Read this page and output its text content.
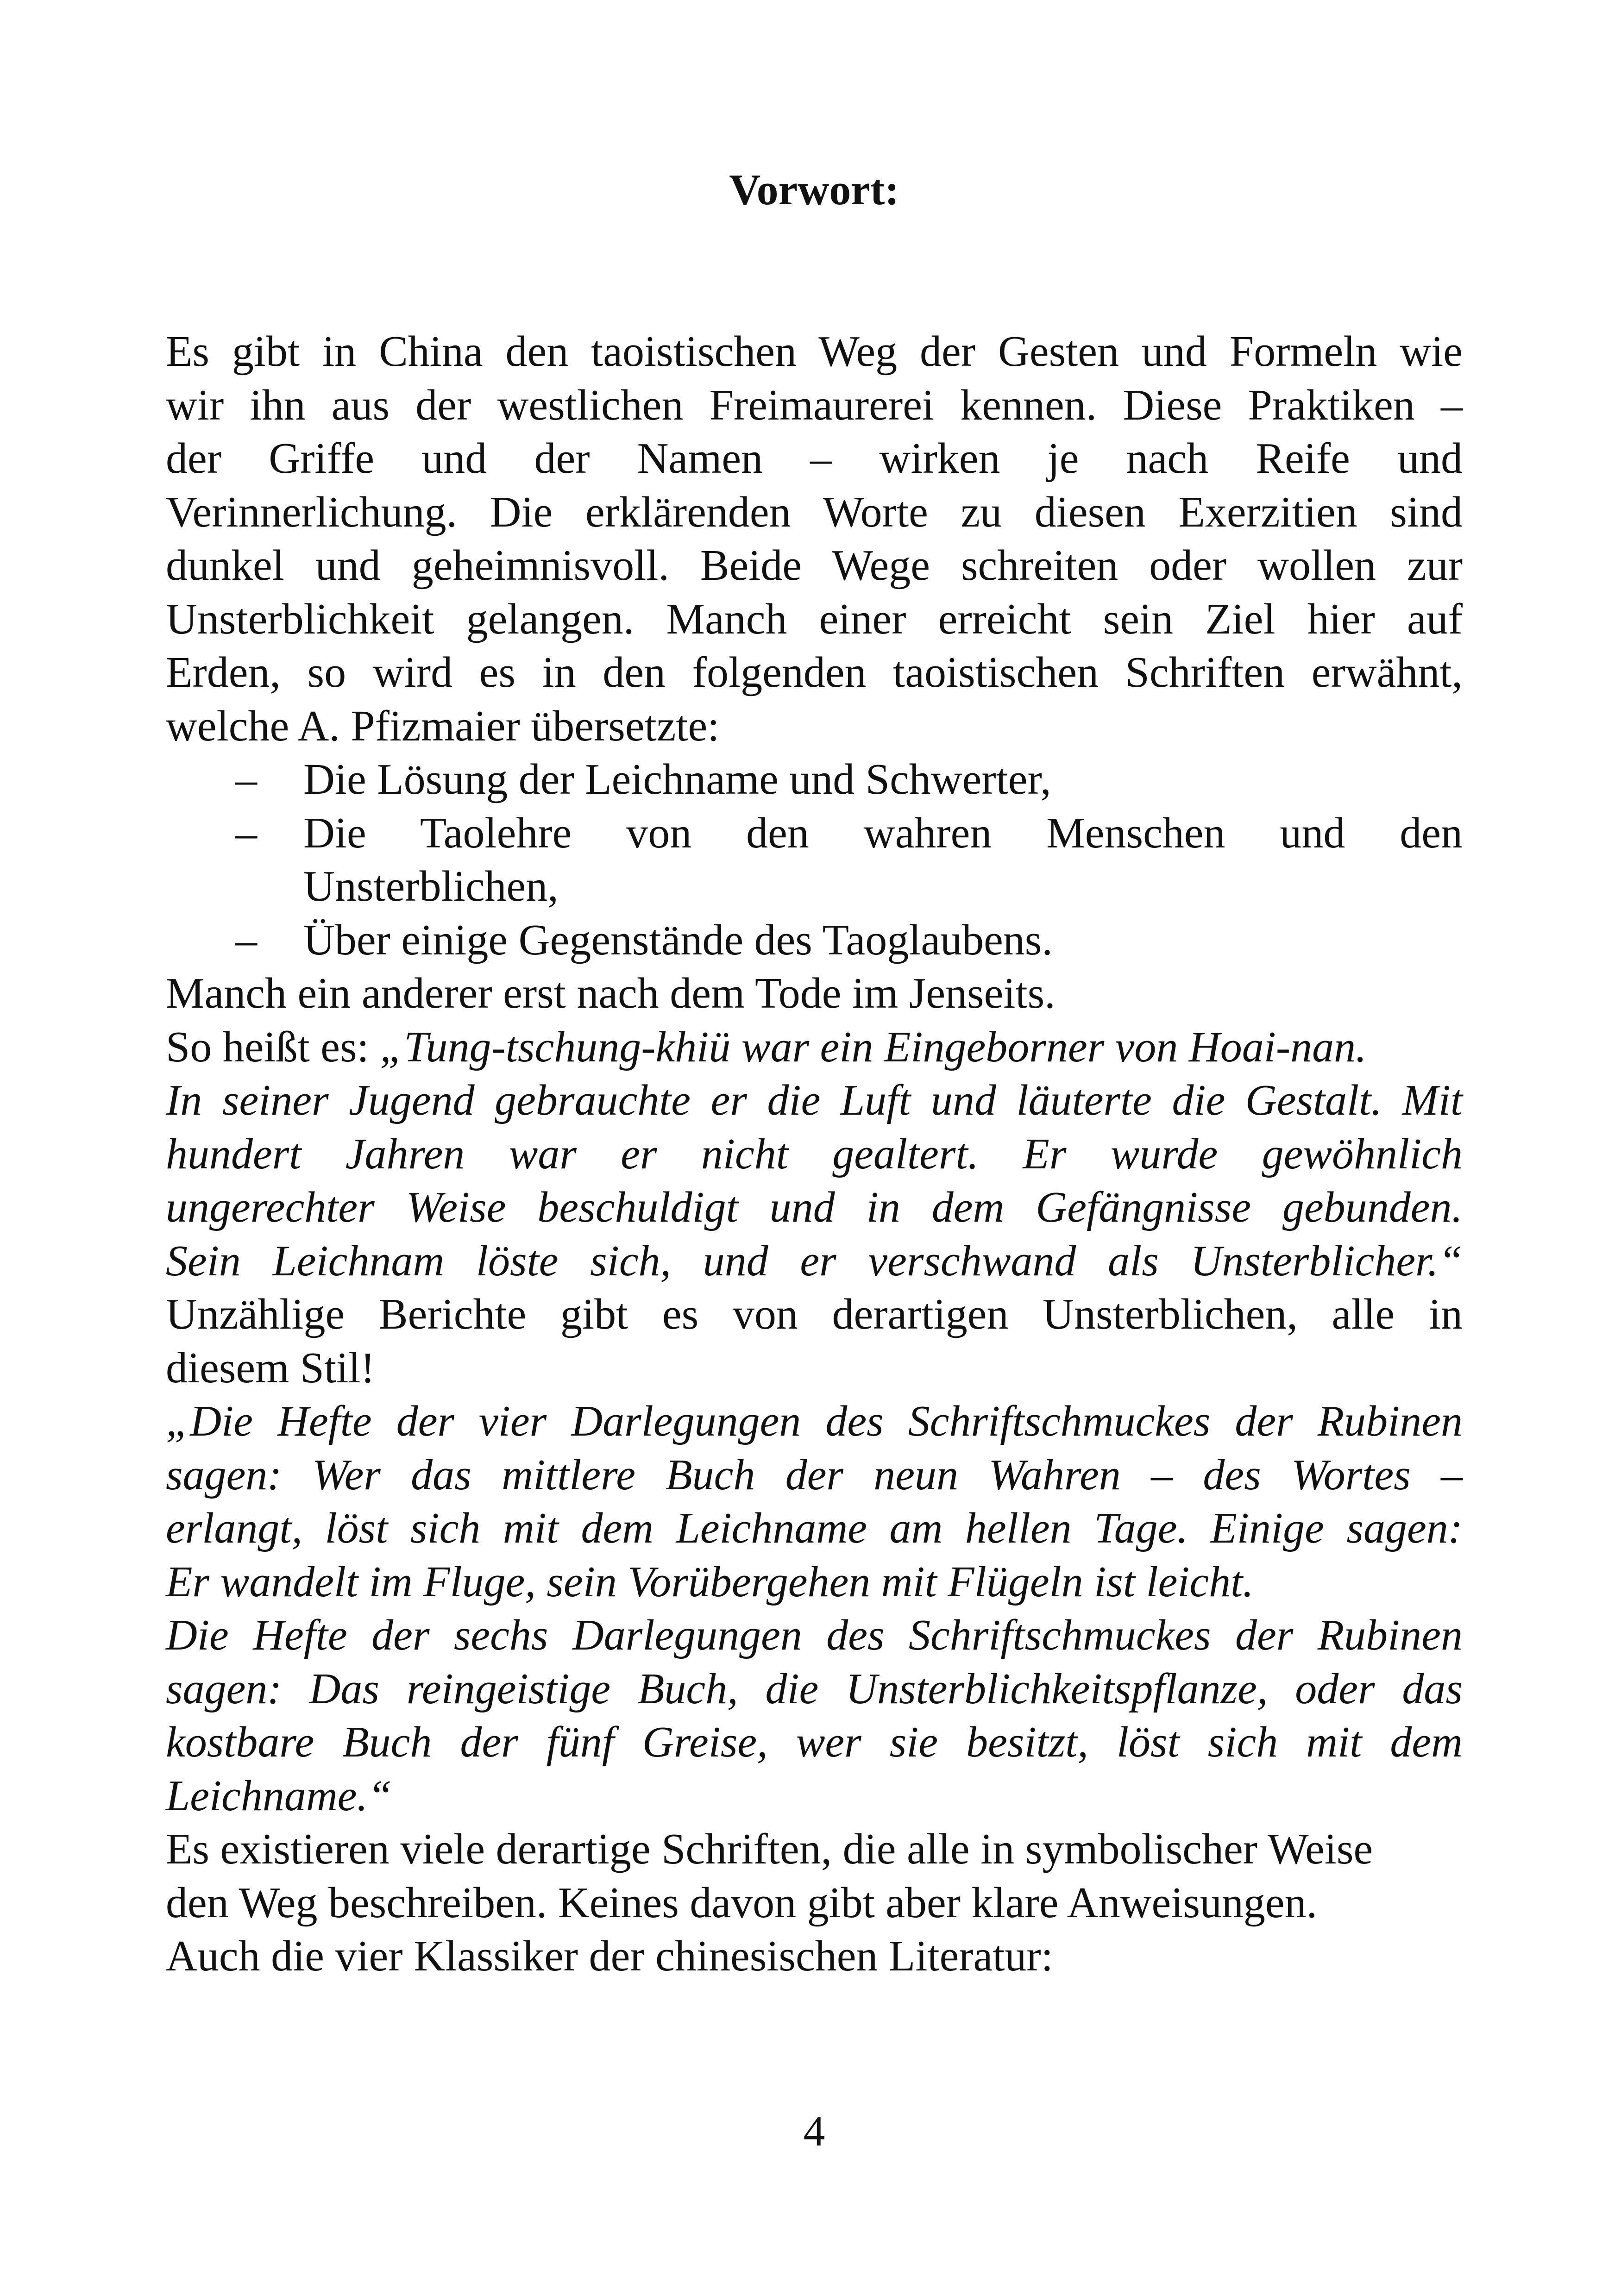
Vorwort:
Es gibt in China den taoistischen Weg der Gesten und Formeln wie
wir ihn aus der westlichen Freimaurerei kennen. Diese Praktiken –
der Griffe und der Namen – wirken je nach Reife und
Verinnerlichung. Die erklärenden Worte zu diesen Exerzitien sind
dunkel und geheimnisvoll. Beide Wege schreiten oder wollen zur
Unsterblichkeit gelangen. Manch einer erreicht sein Ziel hier auf
Erden, so wird es in den folgenden taoistischen Schriften erwähnt,
welche A. Pfizmaier übersetzte:
– Die Lösung der Leichname und Schwerter,
– Die Taolehre von den wahren Menschen und den
Unsterblichen,
– Über einige Gegenstände des Taoglaubens.
Manch ein anderer erst nach dem Tode im Jenseits.
So heißt es: „Tung-tschung-khiü war ein Eingeborner von Hoai-nan.
In seiner Jugend gebrauchte er die Luft und läuterte die Gestalt. Mit
hundert Jahren war er nicht gealtert. Er wurde gewöhnlich
ungerechter Weise beschuldigt und in dem Gefängnisse gebunden.
Sein Leichnam löste sich, und er verschwand als Unsterblicher.“
Unzählige Berichte gibt es von derartigen Unsterblichen, alle in
diesem Stil!
„Die Hefte der vier Darlegungen des Schriftschmuckes der Rubinen
sagen: Wer das mittlere Buch der neun Wahren – des Wortes –
erlangt, löst sich mit dem Leichname am hellen Tage. Einige sagen:
Er wandelt im Fluge, sein Vorübergehen mit Flügeln ist leicht.
Die Hefte der sechs Darlegungen des Schriftschmuckes der Rubinen
sagen: Das reingeistige Buch, die Unsterblichkeitspflanze, oder das
kostbare Buch der fünf Greise, wer sie besitzt, löst sich mit dem
Leichname.“
Es existieren viele derartige Schriften, die alle in symbolischer Weise
den Weg beschreiben. Keines davon gibt aber klare Anweisungen.
Auch die vier Klassiker der chinesischen Literatur:
4
